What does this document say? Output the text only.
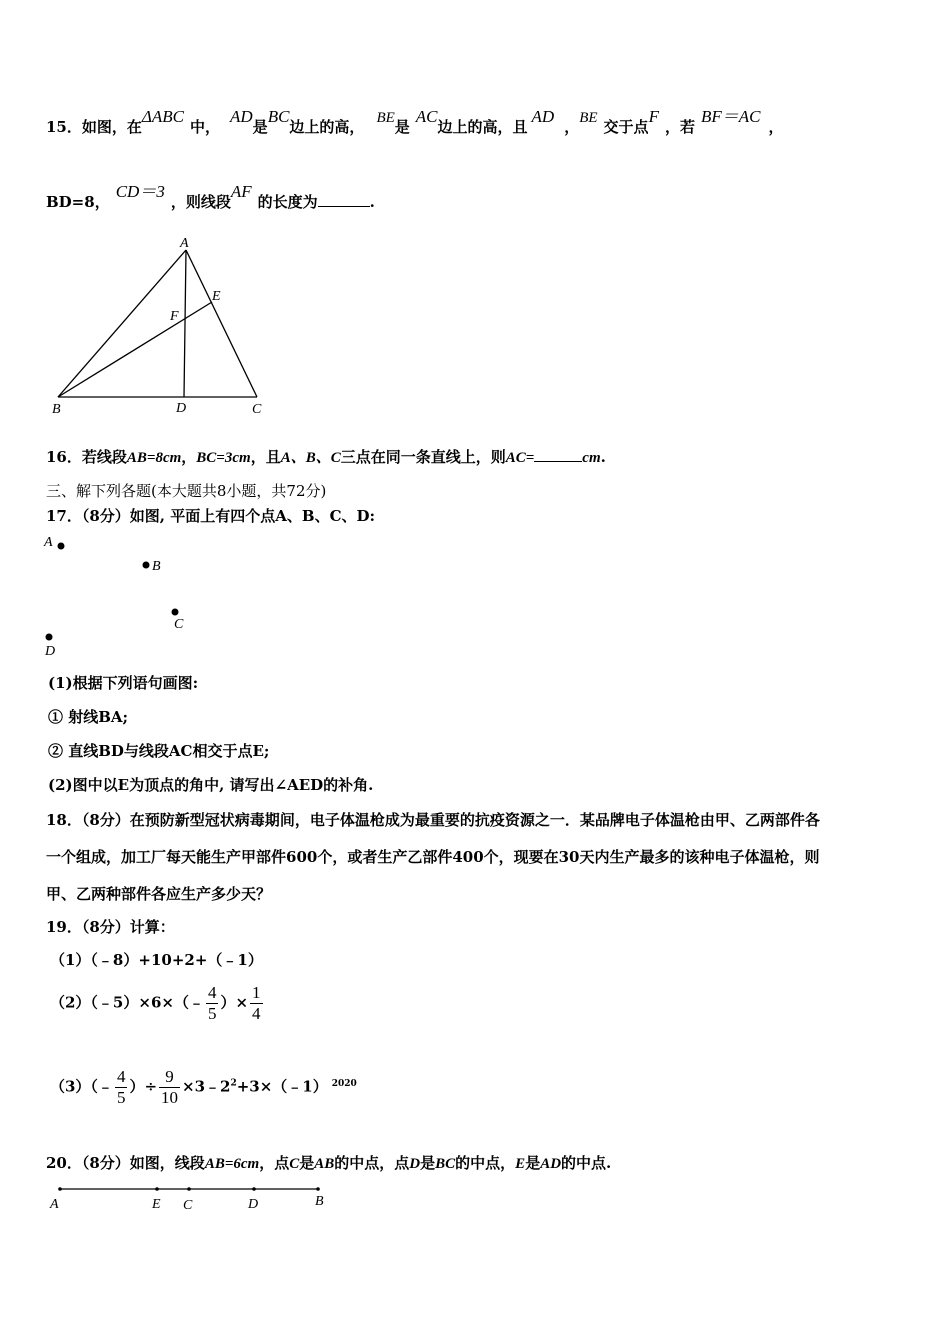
15．如图，在ΔABC中，AD是BC边上的高， BE是AC边上的高，且AD，BE 交于点F，若BF＝AC，
BD=8，CD＝3，则线段AF的长度为	.
A
B	C
D
E
F
16．若线段AB=8cm，BC=3cm，且A、B、C三点在同一条直线上，则AC=	cm.
三、解下列各题(本大题共8小题，共72分)
17．（8分）如图, 平面上有四个点A、B、C、D:
A
B
C
D
(1)根据下列语句画图:
① 射线BA;
② 直线BD与线段AC相交于点E;
(2)图中以E为顶点的角中, 请写出∠AED的补角.
18．（8分）在预防新型冠状病毒期间，电子体温枪成为最重要的抗疫资源之一．某品牌电子体温枪由甲、乙两部件各
一个组成，加工厂每天能生产甲部件600个，或者生产乙部件400个，现要在30天内生产最多的该种电子体温枪，则
甲、乙两种部件各应生产多少天？
19．（8分）计算：
（1）（﹣8）+10+2+（﹣1）
（2）（﹣5）×6×（﹣ $\frac{4}{5}$ ）× $\frac{1}{4}$
（3）（﹣ $\frac{4}{5}$ ）÷ $\frac{9}{10}$ $\times 3﹣2^2+3\times(﹣1)$ $^{2020}$
20．（8分）如图，线段AB=6cm，点C是AB的中点，点D是BC的中点，E是AD的中点.
A	E C	D	B
